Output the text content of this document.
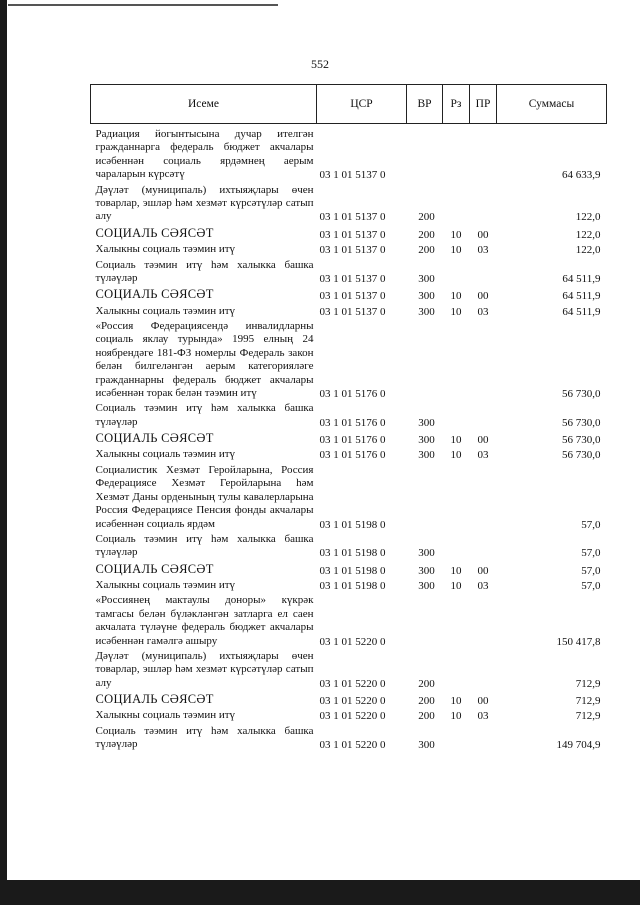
552
Исеме	ЦСР	ВР	Рз	ПР	Суммасы
Радиация йогынтысына дучар ителгән гражданнарга федераль бюджет акчалары исәбеннән социаль ярдәмнең аерым чараларын күрсәтү	03 1 01 5137 0				64 633,9
Дәүләт (муниципаль) ихтыяҗлары өчен товарлар, эшләр һәм хезмәт күрсәтүләр сатып алу	03 1 01 5137 0	200			122,0
СОЦИАЛЬ СӘЯСӘТ	03 1 01 5137 0	200	10	00	122,0
Халыкны социаль тәэмин итү	03 1 01 5137 0	200	10	03	122,0
Социаль тәэмин итү һәм халыкка башка түләүләр	03 1 01 5137 0	300			64 511,9
СОЦИАЛЬ СӘЯСӘТ	03 1 01 5137 0	300	10	00	64 511,9
Халыкны социаль тәэмин итү	03 1 01 5137 0	300	10	03	64 511,9
«Россия Федерациясендә инвалидларны социаль яклау турында» 1995 елның 24 ноябрендәге 181-ФЗ номерлы Федераль закон белән билгеләнгән аерым категорияләге гражданнарны федераль бюджет акчалары исәбеннән торак белән тәэмин итү	03 1 01 5176 0				56 730,0
Социаль тәэмин итү һәм халыкка башка түләүләр	03 1 01 5176 0	300			56 730,0
СОЦИАЛЬ СӘЯСӘТ	03 1 01 5176 0	300	10	00	56 730,0
Халыкны социаль тәэмин итү	03 1 01 5176 0	300	10	03	56 730,0
Социалистик Хезмәт Геройларына, Россия Федерациясе Хезмәт Геройларына һәм Хезмәт Даны орденының тулы кавалерларына Россия Федерациясе Пенсия фонды акчалары исәбеннән социаль ярдәм	03 1 01 5198 0				57,0
Социаль тәэмин итү һәм халыкка башка түләүләр	03 1 01 5198 0	300			57,0
СОЦИАЛЬ СӘЯСӘТ	03 1 01 5198 0	300	10	00	57,0
Халыкны социаль тәэмин итү	03 1 01 5198 0	300	10	03	57,0
«Россиянең мактаулы доноры» күкрәк тамгасы белән бүләкләнгән затларга ел саен акчалата түләүне федераль бюджет акчалары исәбеннән гамәлгә ашыру	03 1 01 5220 0				150 417,8
Дәүләт (муниципаль) ихтыяҗлары өчен товарлар, эшләр һәм хезмәт күрсәтүләр сатып алу	03 1 01 5220 0	200			712,9
СОЦИАЛЬ СӘЯСӘТ	03 1 01 5220 0	200	10	00	712,9
Халыкны социаль тәэмин итү	03 1 01 5220 0	200	10	03	712,9
Социаль тәэмин итү һәм халыкка башка түләүләр	03 1 01 5220 0	300			149 704,9
